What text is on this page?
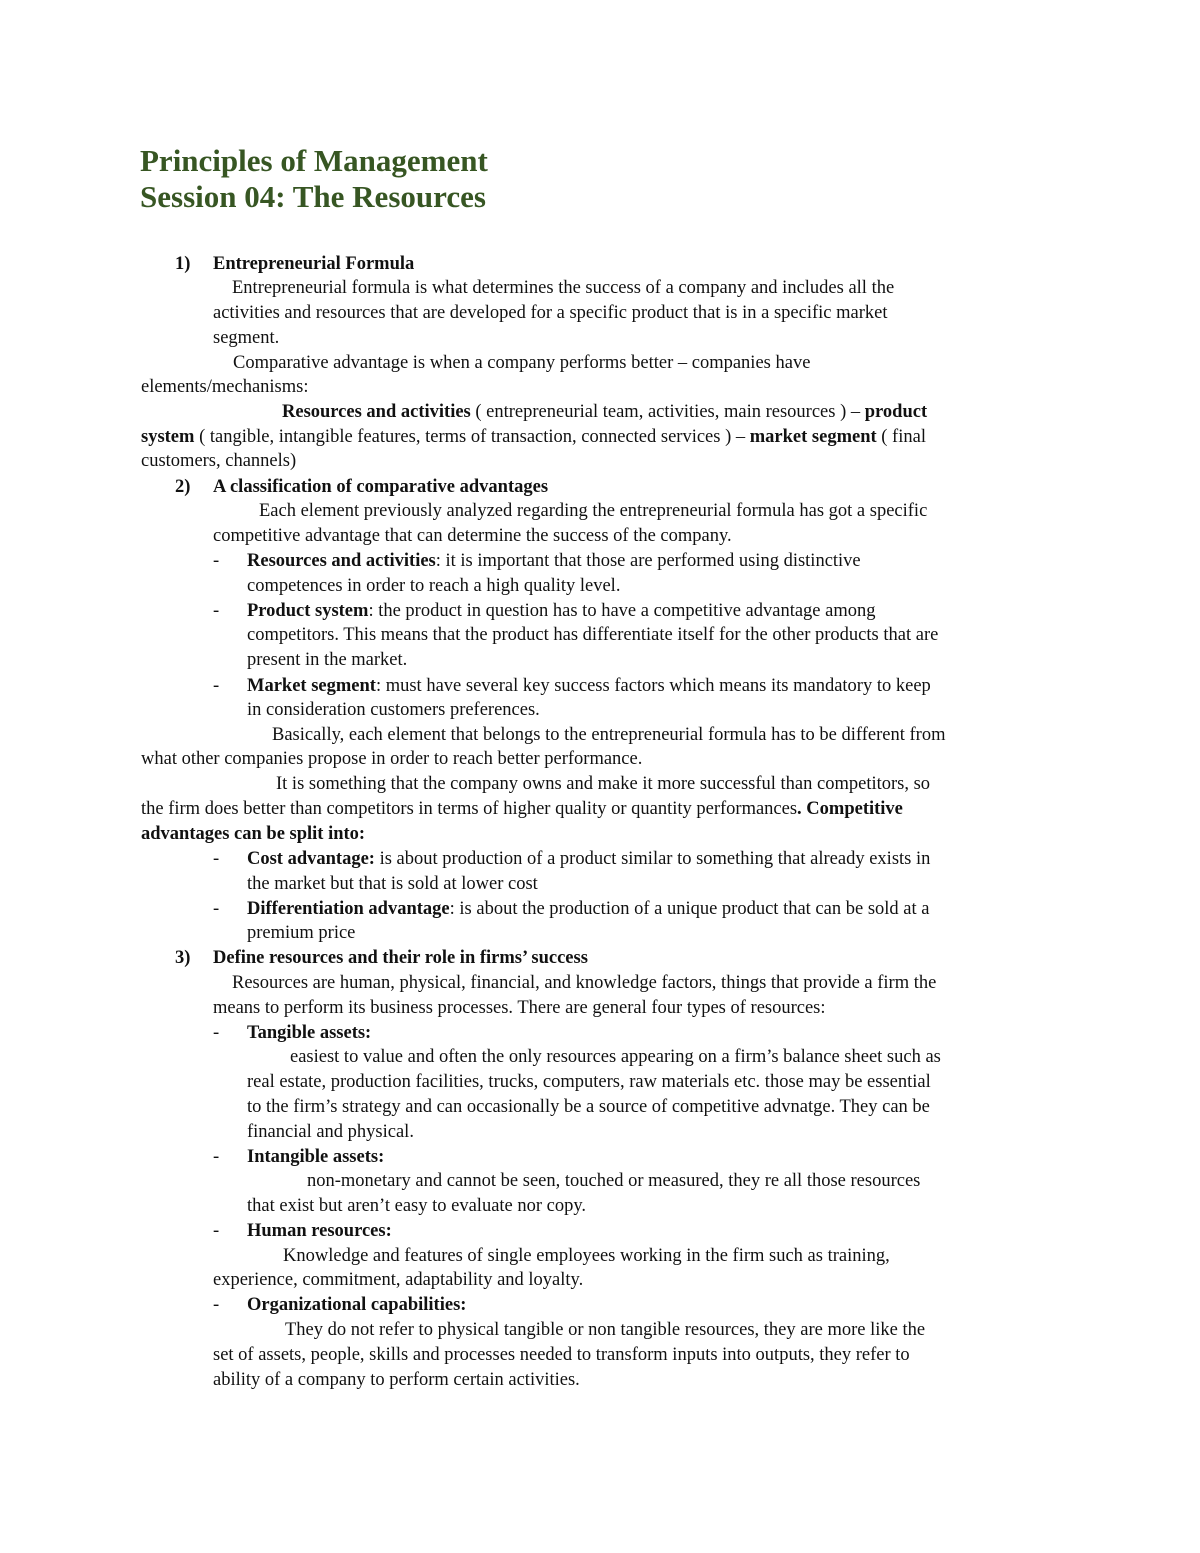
Principles of Management
Session 04: The Resources
1) Entrepreneurial Formula
Entrepreneurial formula is what determines the success of a company and includes all the
activities and resources that are developed for a specific product that is in a specific market
segment.
Comparative advantage is when a company performs better – companies have
elements/mechanisms:
Resources and activities ( entrepreneurial team, activities, main resources ) – product
system ( tangible, intangible features, terms of transaction, connected services ) – market segment ( final
customers, channels)
2) A classification of comparative advantages
Each element previously analyzed regarding the entrepreneurial formula has got a specific
competitive advantage that can determine the success of the company.
- Resources and activities: it is important that those are performed using distinctive
competences in order to reach a high quality level.
- Product system: the product in question has to have a competitive advantage among
competitors. This means that the product has differentiate itself for the other products that are
present in the market.
- Market segment: must have several key success factors which means its mandatory to keep
in consideration customers preferences.
Basically, each element that belongs to the entrepreneurial formula has to be different from
what other companies propose in order to reach better performance.
It is something that the company owns and make it more successful than competitors, so
the firm does better than competitors in terms of higher quality or quantity performances. Competitive
advantages can be split into:
- Cost advantage: is about production of a product similar to something that already exists in
the market but that is sold at lower cost
- Differentiation advantage: is about the production of a unique product that can be sold at a
premium price
3) Define resources and their role in firms’ success
Resources are human, physical, financial, and knowledge factors, things that provide a firm the
means to perform its business processes. There are general four types of resources:
- Tangible assets:
easiest to value and often the only resources appearing on a firm’s balance sheet such as
real estate, production facilities, trucks, computers, raw materials etc. those may be essential
to the firm’s strategy and can occasionally be a source of competitive advnatge. They can be
financial and physical.
- Intangible assets:
non-monetary and cannot be seen, touched or measured, they re all those resources
that exist but aren’t easy to evaluate nor copy.
- Human resources:
Knowledge and features of single employees working in the firm such as training,
experience, commitment, adaptability and loyalty.
- Organizational capabilities:
They do not refer to physical tangible or non tangible resources, they are more like the
set of assets, people, skills and processes needed to transform inputs into outputs, they refer to
ability of a company to perform certain activities.
